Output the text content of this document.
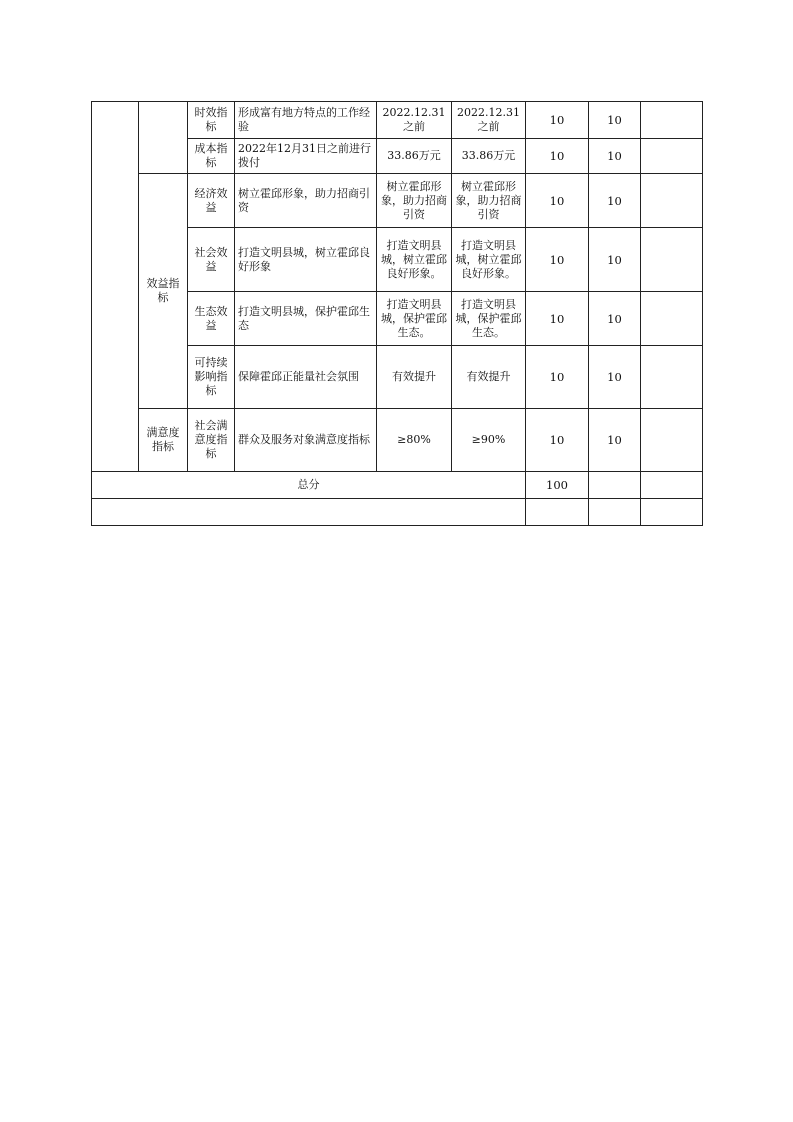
		时效指标	形成富有地方特点的工作经验	2022.12.31之前	2022.12.31之前	10	10	
		成本指标	2022年12月31日之前进行拨付	33.86万元	33.86万元	10	10	
	效益指标	经济效益	树立霍邱形象，助力招商引资	树立霍邱形象，助力招商引资	树立霍邱形象，助力招商引资	10	10	
		社会效益	打造文明县城，树立霍邱良好形象	打造文明县城，树立霍邱良好形象。	打造文明县城，树立霍邱良好形象。	10	10	
		生态效益	打造文明县城，保护霍邱生态	打造文明县城，保护霍邱生态。	打造文明县城，保护霍邱生态。	10	10	
		可持续影响指标	保障霍邱正能量社会氛围	有效提升	有效提升	10	10	
	满意度指标	社会满意度指标	群众及服务对象满意度指标	≥80%	≥90%	10	10	
总分						100		
